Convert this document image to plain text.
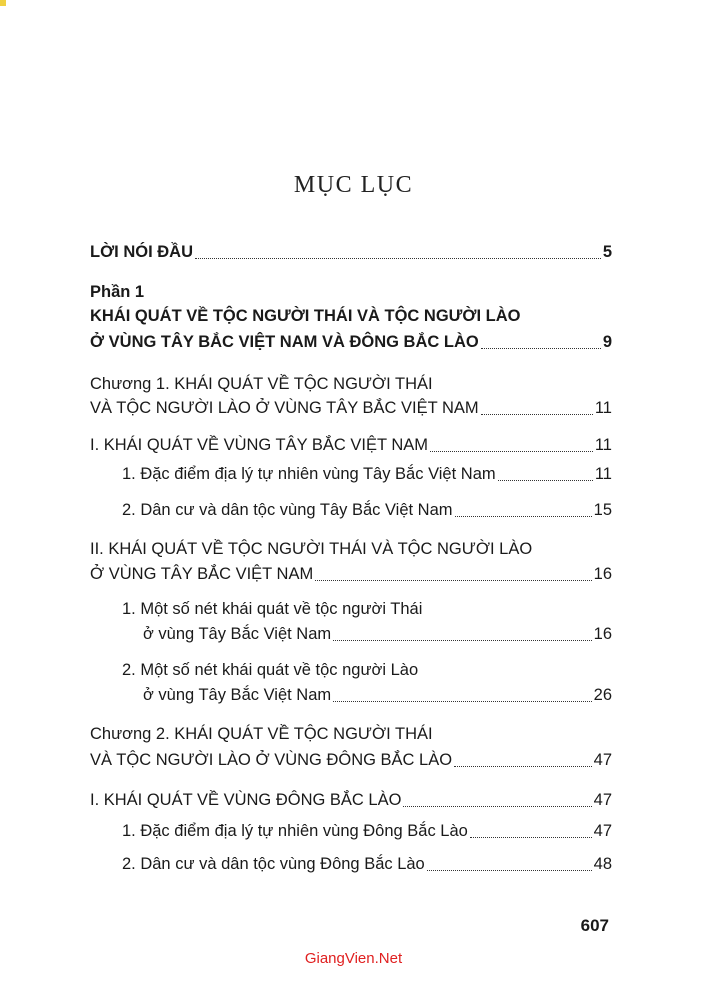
MỤC LỤC
LỜI NÓI ĐẦU	5
Phần 1
KHÁI QUÁT VỀ TỘC NGƯỜI THÁI VÀ TỘC NGƯỜI LÀO
Ở VÙNG TÂY BẮC VIỆT NAM VÀ ĐÔNG BẮC LÀO	9
Chương 1. KHÁI QUÁT VỀ TỘC NGƯỜI THÁI
VÀ TỘC NGƯỜI LÀO Ở VÙNG TÂY BẮC VIỆT NAM	11
I. KHÁI QUÁT VỀ VÙNG TÂY BẮC VIỆT NAM	11
1. Đặc điểm địa lý tự nhiên vùng Tây Bắc Việt Nam	11
2. Dân cư và dân tộc vùng Tây Bắc Việt Nam	15
II. KHÁI QUÁT VỀ TỘC NGƯỜI THÁI VÀ TỘC NGƯỜI LÀO
Ở VÙNG TÂY BẮC VIỆT NAM	16
1. Một số nét khái quát về tộc người Thái
ở vùng Tây Bắc Việt Nam	16
2. Một số nét khái quát về tộc người Lào
ở vùng Tây Bắc Việt Nam	26
Chương 2. KHÁI QUÁT VỀ TỘC NGƯỜI THÁI
VÀ TỘC NGƯỜI LÀO Ở VÙNG ĐÔNG BẮC LÀO	47
I. KHÁI QUÁT VỀ VÙNG ĐÔNG BẮC LÀO	47
1. Đặc điểm địa lý tự nhiên vùng Đông Bắc Lào	47
2. Dân cư và dân tộc vùng Đông Bắc Lào	48
607
GiangVien.Net
